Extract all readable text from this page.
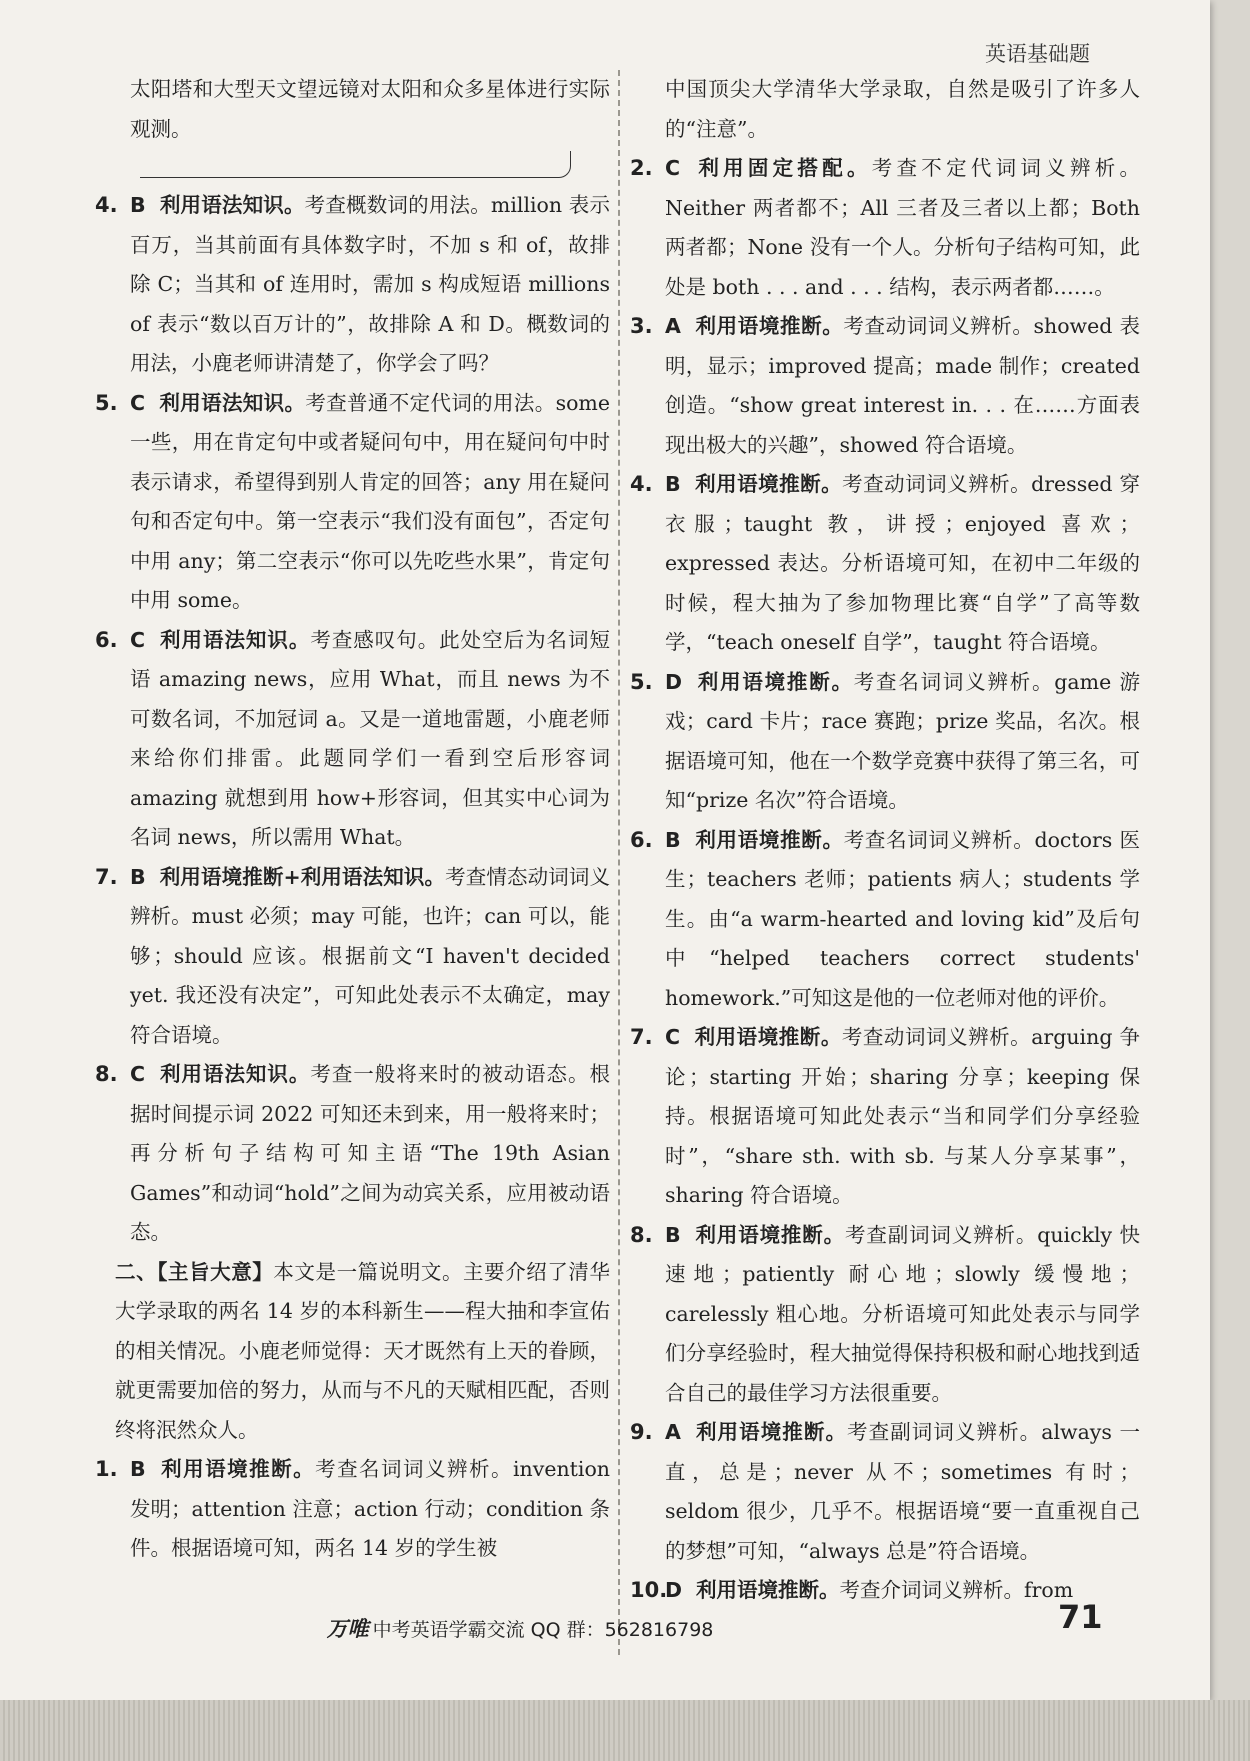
英语基础题

太阳塔和大型天文望远镜对太阳和众多星体进行实际观测。

4. B 利用语法知识。考查概数词的用法。million 表示百万，当其前面有具体数字时，不加 s 和 of，故排除 C；当其和 of 连用时，需加 s 构成短语 millions of 表示“数以百万计的”，故排除 A 和 D。概数词的用法，小鹿老师讲清楚了，你学会了吗？

5. C 利用语法知识。考查普通不定代词的用法。some 一些，用在肯定句中或者疑问句中，用在疑问句中时表示请求，希望得到别人肯定的回答；any 用在疑问句和否定句中。第一空表示“我们没有面包”，否定句中用 any；第二空表示“你可以先吃些水果”，肯定句中用 some。

6. C 利用语法知识。考查感叹句。此处空后为名词短语 amazing news，应用 What，而且 news 为不可数名词，不加冠词 a。又是一道地雷题，小鹿老师来给你们排雷。此题同学们一看到空后形容词 amazing 就想到用 how+形容词，但其实中心词为名词 news，所以需用 What。

7. B 利用语境推断+利用语法知识。考查情态动词词义辨析。must 必须；may 可能，也许；can 可以，能够；should 应该。根据前文“I haven't decided yet. 我还没有决定”，可知此处表示不太确定，may 符合语境。

8. C 利用语法知识。考查一般将来时的被动语态。根据时间提示词 2022 可知还未到来，用一般将来时；再分析句子结构可知主语“The 19th Asian Games”和动词“hold”之间为动宾关系，应用被动语态。

二、【主旨大意】本文是一篇说明文。主要介绍了清华大学录取的两名 14 岁的本科新生——程大抽和李宣佑的相关情况。小鹿老师觉得：天才既然有上天的眷顾，就更需要加倍的努力，从而与不凡的天赋相匹配，否则终将泯然众人。

1. B 利用语境推断。考查名词词义辨析。invention 发明；attention 注意；action 行动；condition 条件。根据语境可知，两名 14 岁的学生被

中国顶尖大学清华大学录取，自然是吸引了许多人的“注意”。

2. C 利用固定搭配。考查不定代词词义辨析。Neither 两者都不；All 三者及三者以上都；Both 两者都；None 没有一个人。分析句子结构可知，此处是 both . . . and . . . 结构，表示两者都……。

3. A 利用语境推断。考查动词词义辨析。showed 表明，显示；improved 提高；made 制作；created 创造。“show great interest in. . . 在……方面表现出极大的兴趣”，showed 符合语境。

4. B 利用语境推断。考查动词词义辨析。dressed 穿衣服；taught 教，讲授；enjoyed 喜欢；expressed 表达。分析语境可知，在初中二年级的时候，程大抽为了参加物理比赛“自学”了高等数学，“teach oneself 自学”，taught 符合语境。

5. D 利用语境推断。考查名词词义辨析。game 游戏；card 卡片；race 赛跑；prize 奖品，名次。根据语境可知，他在一个数学竞赛中获得了第三名，可知“prize 名次”符合语境。

6. B 利用语境推断。考查名词词义辨析。doctors 医生；teachers 老师；patients 病人；students 学生。由“a warm-hearted and loving kid”及后句中“helped teachers correct students' homework.”可知这是他的一位老师对他的评价。

7. C 利用语境推断。考查动词词义辨析。arguing 争论；starting 开始；sharing 分享；keeping 保持。根据语境可知此处表示“当和同学们分享经验时”，“share sth. with sb. 与某人分享某事”，sharing 符合语境。

8. B 利用语境推断。考查副词词义辨析。quickly 快速地；patiently 耐心地；slowly 缓慢地；carelessly 粗心地。分析语境可知此处表示与同学们分享经验时，程大抽觉得保持积极和耐心地找到适合自己的最佳学习方法很重要。

9. A 利用语境推断。考查副词词义辨析。always 一直，总是；never 从不；sometimes 有时；seldom 很少，几乎不。根据语境“要一直重视自己的梦想”可知，“always 总是”符合语境。

10.
D 利用语境推断。考查介词词义辨析。from

万唯 中考英语学霸交流 QQ 群：562816798	71
